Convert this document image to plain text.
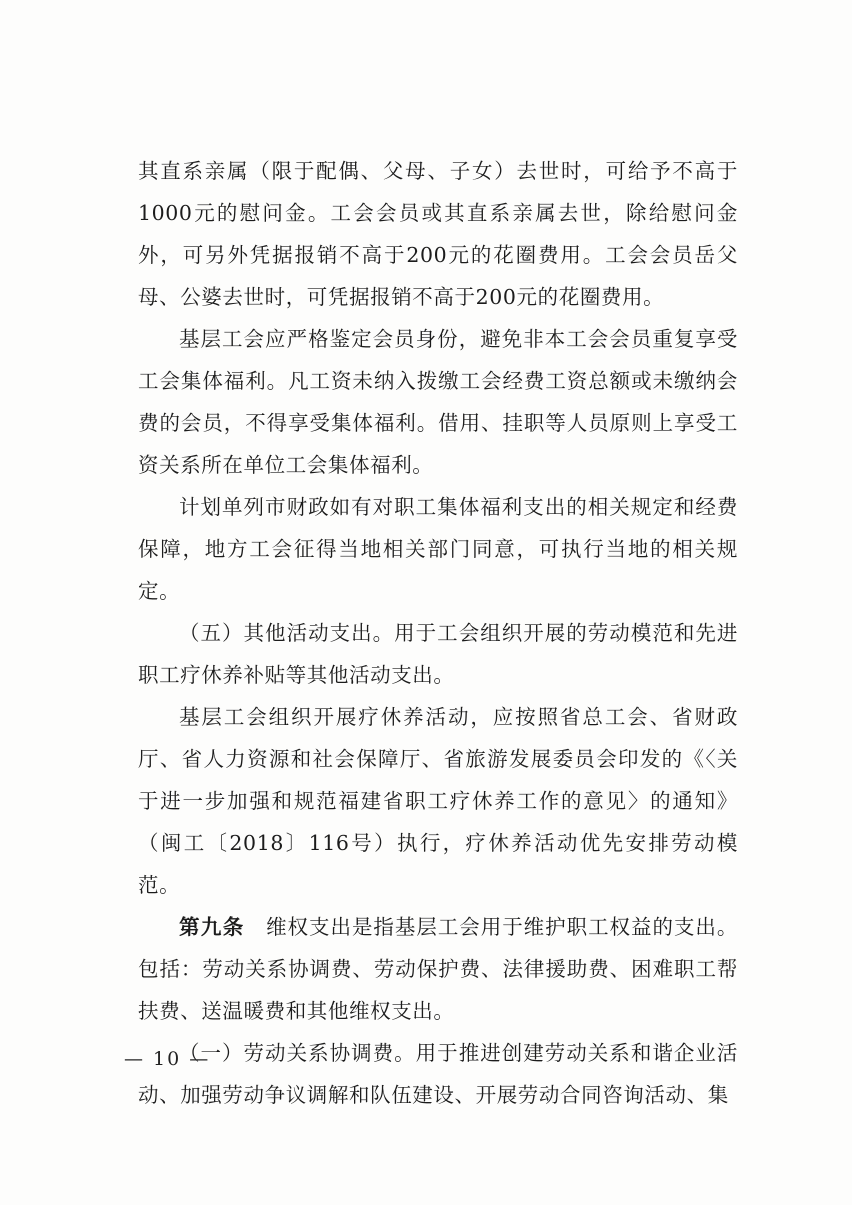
其直系亲属（限于配偶、父母、子女）去世时，可给予不高于1000元的慰问金。工会会员或其直系亲属去世，除给慰问金外，可另外凭据报销不高于200元的花圈费用。工会会员岳父母、公婆去世时，可凭据报销不高于200元的花圈费用。

基层工会应严格鉴定会员身份，避免非本工会会员重复享受工会集体福利。凡工资未纳入拨缴工会经费工资总额或未缴纳会费的会员，不得享受集体福利。借用、挂职等人员原则上享受工资关系所在单位工会集体福利。

计划单列市财政如有对职工集体福利支出的相关规定和经费保障，地方工会征得当地相关部门同意，可执行当地的相关规定。

（五）其他活动支出。用于工会组织开展的劳动模范和先进职工疗休养补贴等其他活动支出。

基层工会组织开展疗休养活动，应按照省总工会、省财政厅、省人力资源和社会保障厅、省旅游发展委员会印发的《〈关于进一步加强和规范福建省职工疗休养工作的意见〉的通知》（闽工〔2018〕116号）执行，疗休养活动优先安排劳动模范。

第九条　维权支出是指基层工会用于维护职工权益的支出。包括：劳动关系协调费、劳动保护费、法律援助费、困难职工帮扶费、送温暖费和其他维权支出。

（一）劳动关系协调费。用于推进创建劳动关系和谐企业活动、加强劳动争议调解和队伍建设、开展劳动合同咨询活动、集

— 10 —
